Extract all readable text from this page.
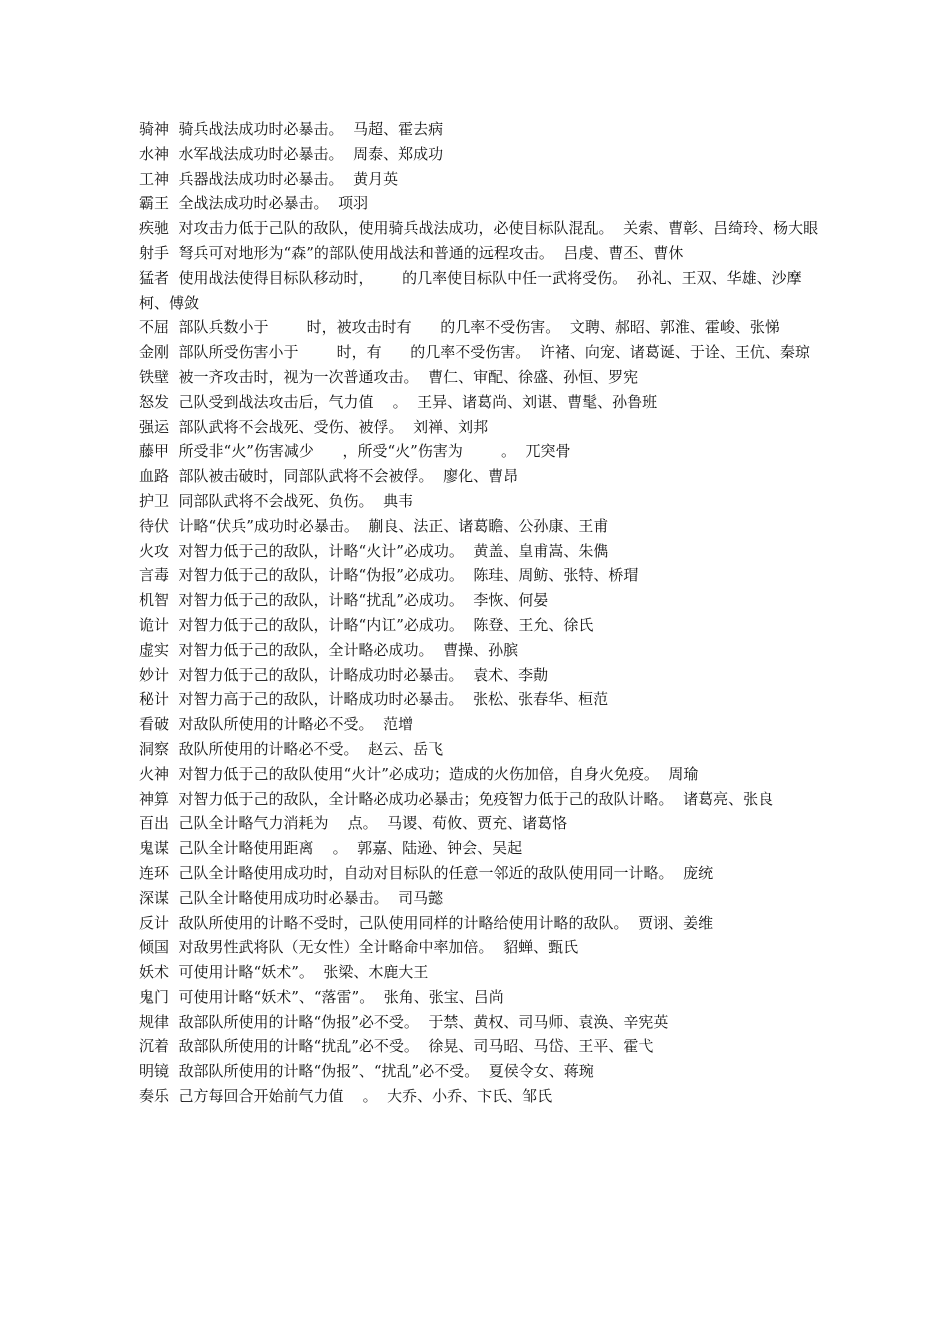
骑神  骑兵战法成功时必暴击。  马超、霍去病

水神  水军战法成功时必暴击。  周泰、郑成功

工神  兵器战法成功时必暴击。  黄月英

霸王  全战法成功时必暴击。  项羽

疾驰  对攻击力低于己队的敌队，使用骑兵战法成功，必使目标队混乱。  关索、曹彰、吕绮玲、杨大眼

射手  弩兵可对地形为“森”的部队使用战法和普通的远程攻击。  吕虔、曹丕、曹休

猛者  使用战法使得目标队移动时，      的几率使目标队中任一武将受伤。  孙礼、王双、华雄、沙摩柯、傅敛

不屈  部队兵数小于        时，被攻击时有      的几率不受伤害。  文聘、郝昭、郭淮、霍峻、张悌

金刚  部队所受伤害小于        时，有      的几率不受伤害。  许褚、向宠、诸葛诞、于诠、王伉、秦琼

铁壁  被一齐攻击时，视为一次普通攻击。  曹仁、审配、徐盛、孙恒、罗宪

怒发  己队受到战法攻击后，气力值    。  王异、诸葛尚、刘谌、曹髦、孙鲁班

强运  部队武将不会战死、受伤、被俘。  刘禅、刘邦

藤甲  所受非“火”伤害减少      ，所受“火”伤害为        。  兀突骨

血路  部队被击破时，同部队武将不会被俘。  廖化、曹昂

护卫  同部队武将不会战死、负伤。  典韦

待伏  计略“伏兵”成功时必暴击。  蒯良、法正、诸葛瞻、公孙康、王甫

火攻  对智力低于己的敌队，计略“火计”必成功。  黄盖、皇甫嵩、朱儁

言毒  对智力低于己的敌队，计略“伪报”必成功。  陈珪、周鲂、张特、桥瑁

机智  对智力低于己的敌队，计略“扰乱”必成功。  李恢、何晏

诡计  对智力低于己的敌队，计略“内讧”必成功。  陈登、王允、徐氏

虚实  对智力低于己的敌队，全计略必成功。  曹操、孙膑

妙计  对智力低于己的敌队，计略成功时必暴击。  袁术、李勣

秘计  对智力高于己的敌队，计略成功时必暴击。  张松、张春华、桓范

看破  对敌队所使用的计略必不受。  范增

洞察  敌队所使用的计略必不受。  赵云、岳飞

火神  对智力低于己的敌队使用“火计”必成功；造成的火伤加倍，自身火免疫。  周瑜

神算  对智力低于己的敌队，全计略必成功必暴击；免疫智力低于己的敌队计略。  诸葛亮、张良

百出  己队全计略气力消耗为    点。  马谡、荀攸、贾充、诸葛恪

鬼谋  己队全计略使用距离    。  郭嘉、陆逊、钟会、吴起

连环  己队全计略使用成功时，自动对目标队的任意一邻近的敌队使用同一计略。  庞统

深谋  己队全计略使用成功时必暴击。  司马懿

反计  敌队所使用的计略不受时，己队使用同样的计略给使用计略的敌队。  贾诩、姜维

倾国  对敌男性武将队（无女性）全计略命中率加倍。  貂蝉、甄氏

妖术  可使用计略“妖术”。  张梁、木鹿大王

鬼门  可使用计略“妖术”、“落雷”。  张角、张宝、吕尚

规律  敌部队所使用的计略“伪报”必不受。  于禁、黄权、司马师、袁涣、辛宪英

沉着  敌部队所使用的计略“扰乱”必不受。  徐晃、司马昭、马岱、王平、霍弋

明镜  敌部队所使用的计略“伪报”、“扰乱”必不受。  夏侯令女、蒋琬

奏乐  己方每回合开始前气力值    。  大乔、小乔、卞氏、邹氏
